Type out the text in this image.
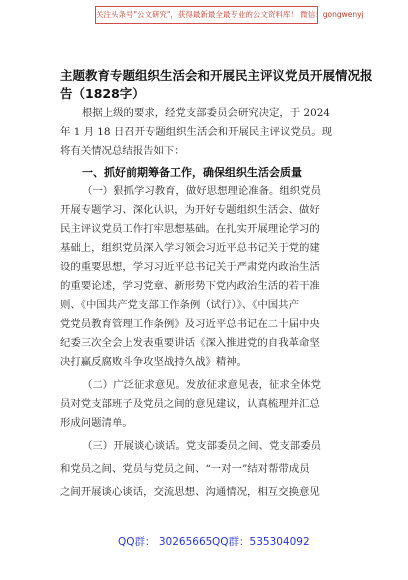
关注头条号"公文研究"，获得最新最全最专业的公文资料库！ 微信：gongwenyj
主题教育专题组织生活会和开展民主评议党员开展情况报
告（1828字）
根据上级的要求，经党支部委员会研究决定，于 2024
年 1 月 18 日召开专题组织生活会和开展民主评议党员。现
将有关情况总结报告如下：
一、抓好前期筹备工作，确保组织生活会质量
（一）狠抓学习教育，做好思想理论准备。组织党员
开展专题学习、深化认识，为开好专题组织生活会、做好
民主评议党员工作打牢思想基础。在扎实开展理论学习的
基础上，组织党员深入学习领会习近平总书记关于党的建
设的重要思想，学习习近平总书记关于严肃党内政治生活
的重要论述，学习党章、新形势下党内政治生活的若干准
则、《中国共产党支部工作条例（试行）》、《中国共产
党党员教育管理工作条例》及习近平总书记在二十届中央
纪委三次全会上发表重要讲话《深入推进党的自我革命坚
决打赢反腐败斗争攻坚战持久战》精神。
（二）广泛征求意见。发放征求意见表，征求全体党
员对党支部班子及党员之间的意见建议，认真梳理并汇总
形成问题清单。
（三）开展谈心谈话。党支部委员之间、党支部委员
和党员之间、党员与党员之间、“一对一”结对帮带成员
之间开展谈心谈话，交流思想、沟通情况，相互交换意见
QQ群： 30265665 QQ群：535304092
